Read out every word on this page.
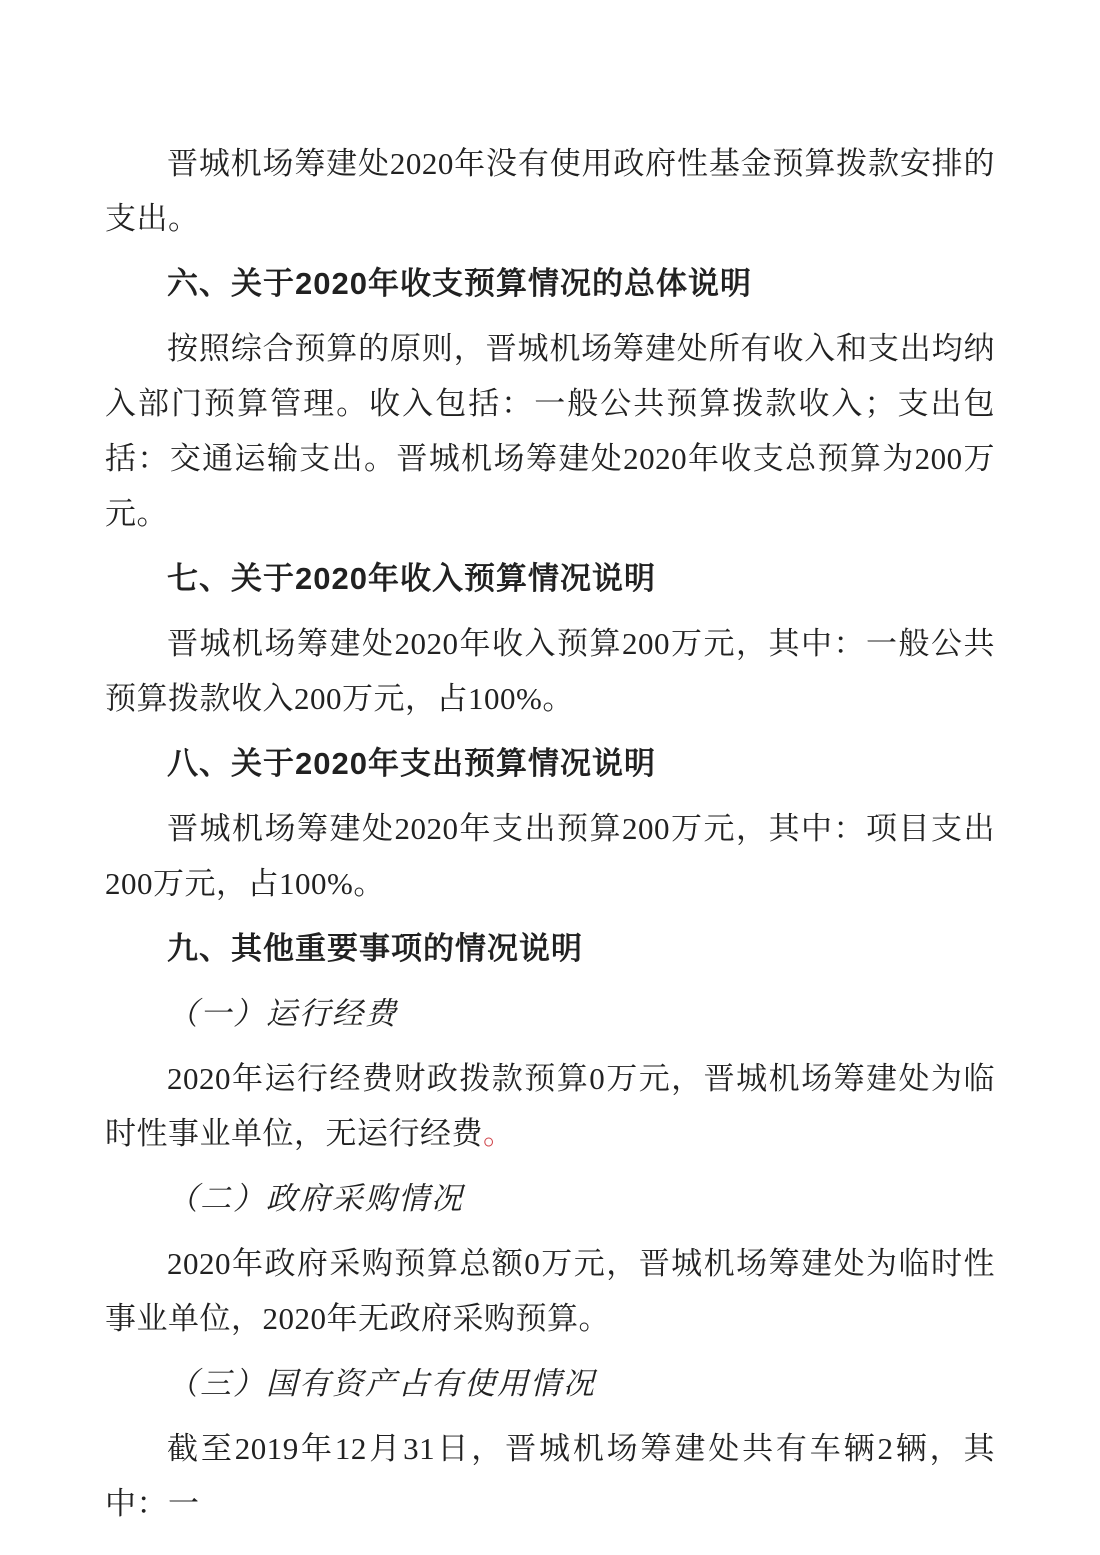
晋城机场筹建处2020年没有使用政府性基金预算拨款安排的支出。

六、关于2020年收支预算情况的总体说明

按照综合预算的原则，晋城机场筹建处所有收入和支出均纳入部门预算管理。收入包括：一般公共预算拨款收入；支出包括：交通运输支出。晋城机场筹建处2020年收支总预算为200万元。

七、关于2020年收入预算情况说明

晋城机场筹建处2020年收入预算200万元，其中：一般公共预算拨款收入200万元，占100%。

八、关于2020年支出预算情况说明

晋城机场筹建处2020年支出预算200万元，其中：项目支出200万元，占100%。

九、其他重要事项的情况说明
（一）运行经费

2020年运行经费财政拨款预算0万元，晋城机场筹建处为临时性事业单位，无运行经费。

（二）政府采购情况

2020年政府采购预算总额0万元，晋城机场筹建处为临时性事业单位，2020年无政府采购预算。

（三）国有资产占有使用情况

截至2019年12月31日，晋城机场筹建处共有车辆2辆，其中：一
